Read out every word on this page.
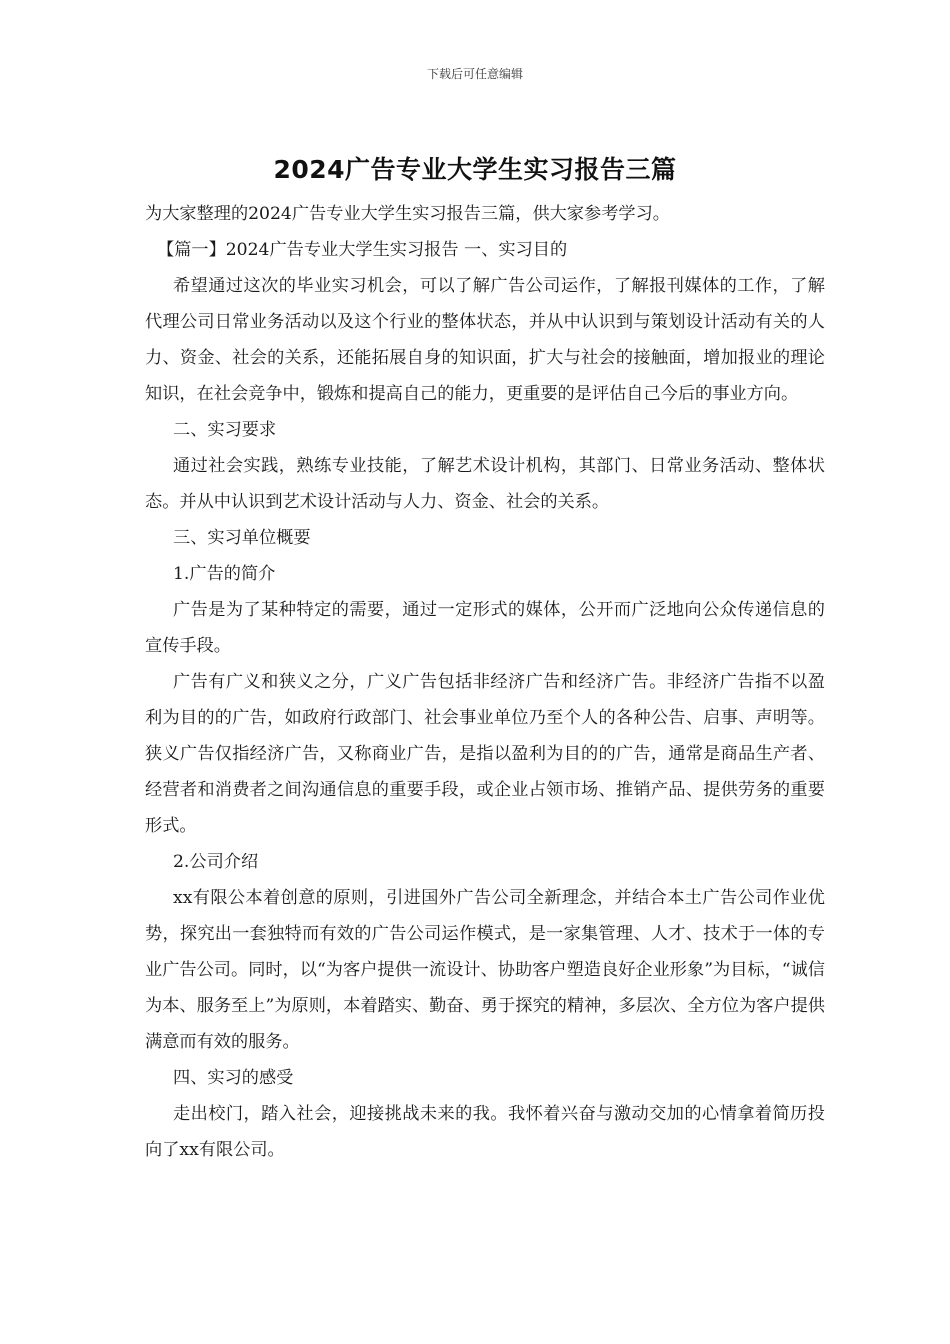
下载后可任意编辑
2024广告专业大学生实习报告三篇

为大家整理的2024广告专业大学生实习报告三篇，供大家参考学习。

【篇一】2024广告专业大学生实习报告 一、实习目的

希望通过这次的毕业实习机会，可以了解广告公司运作，了解报刊媒体的工作，了解代理公司日常业务活动以及这个行业的整体状态，并从中认识到与策划设计活动有关的人力、资金、社会的关系，还能拓展自身的知识面，扩大与社会的接触面，增加报业的理论知识，在社会竞争中，锻炼和提高自己的能力，更重要的是评估自己今后的事业方向。

二、实习要求

通过社会实践，熟练专业技能，了解艺术设计机构，其部门、日常业务活动、整体状态。并从中认识到艺术设计活动与人力、资金、社会的关系。

三、实习单位概要

1.广告的简介

广告是为了某种特定的需要，通过一定形式的媒体，公开而广泛地向公众传递信息的宣传手段。

广告有广义和狭义之分，广义广告包括非经济广告和经济广告。非经济广告指不以盈利为目的的广告，如政府行政部门、社会事业单位乃至个人的各种公告、启事、声明等。狭义广告仅指经济广告，又称商业广告，是指以盈利为目的的广告，通常是商品生产者、经营者和消费者之间沟通信息的重要手段，或企业占领市场、推销产品、提供劳务的重要形式。

2.公司介绍

xx有限公本着创意的原则，引进国外广告公司全新理念，并结合本土广告公司作业优势，探究出一套独特而有效的广告公司运作模式，是一家集管理、人才、技术于一体的专业广告公司。同时，以“为客户提供一流设计、协助客户塑造良好企业形象”为目标，“诚信为本、服务至上”为原则，本着踏实、勤奋、勇于探究的精神，多层次、全方位为客户提供满意而有效的服务。

四、实习的感受

走出校门，踏入社会，迎接挑战未来的我。我怀着兴奋与激动交加的心情拿着简历投向了xx有限公司。
